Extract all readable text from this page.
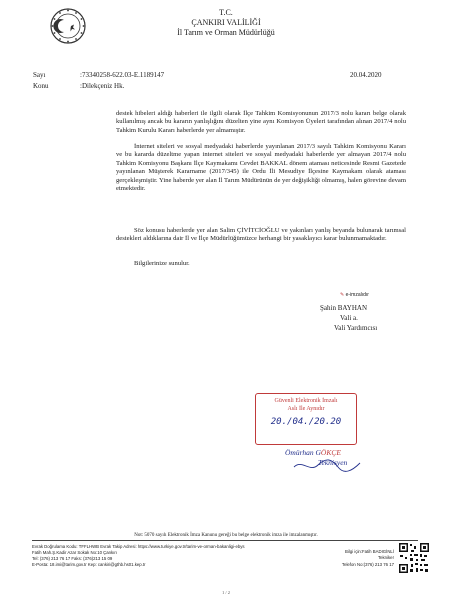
T.C.
ÇANKIRI VALİLİĞİ
İl Tarım ve Orman Müdürlüğü
Sayı	:73340258-622.03-E.1189147	20.04.2020
Konu	:Dilekçeniz Hk.

destek hibeleri aldığı haberleri ile ilgili olarak İlçe Tahkim Komisyonunun 2017/3 nolu kararı belge olarak kullanılmış ancak bu kararın yanlışlığını düzelten yine aynı Komisyon Üyeleri tarafından alınan 2017/4 nolu Tahkim Kurulu Kararı haberlerde yer almamıştır.

İnternet siteleri ve sosyal medyadaki haberlerde yayınlanan 2017/3 sayılı Tahkim Komisyonu Kararı ve bu kararda düzeltme yapan internet siteleri ve sosyal medyadaki haberlerde yer almayan 2017/4 nolu Tahkim Komisyonu Başkanı İlçe Kaymakamı Cevdet BAKKAL dönem ataması neticesinde Resmi Gazetede yayınlanan Müşterek Kararname (2017/345) ile Ordu İli Mesudiye İlçesine Kaymakam olarak ataması gerçekleşmiştir. Yine haberde yer alan İl Tarım Müdürünün de yer değişikliği olmamış, halen görevine devam etmektedir.

Söz konusu haberlerde yer alan Salim ÇİVİTCİOĞLU ve yakınları yanlış beyanda bulunarak tarımsal destekleri aldıklarına dair İl ve İlçe Müdürlüğümüzce herhangi bir yasaklayıcı karar bulunmamaktadır.

Bilgilerinize sunulur.

✎ e-imzalıdır
Şahin BAYHAN
Vali a.
Vali Yardımcısı
Güvenli Elektronik İmzalı
Aslı İle Aynıdır
20./04./20.20
Ömürhan GÖKÇE
Teknisyen
Not: 5070 sayılı Elektronik İmza Kanunu gereği bu belge elektronik imza ile imzalanmıştır.
Evrak Doğrulama Kodu: TFFLHWB Evrak Takip Adresi: https://www.turkiye.gov.tr/tarim-ve-orman-bakanligi-ebys
Fatih Mah.Ş.Kadir Azar Sokak No:10 Çankırı
Tel: (376) 213 76 17 Faks: (376)213 15 09
E-Posta: 18.imi@tarim.gov.tr Kep: cankiri@gthb.hs01.kep.tr
Bilgi için:Fatih BADIGİNLİ
Tekniker
Telefon No:(376) 213 76 17
1 / 2
